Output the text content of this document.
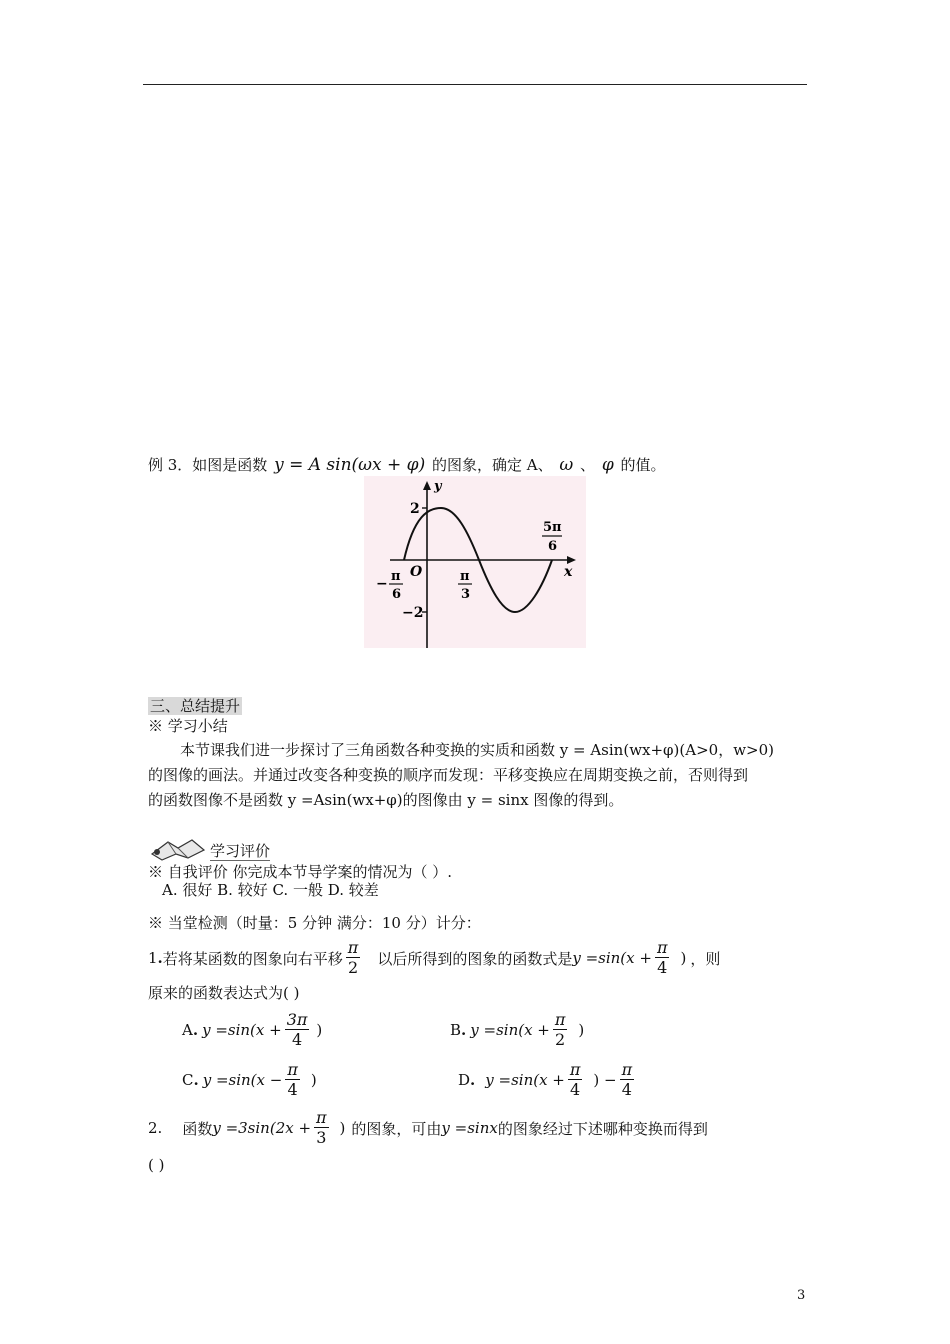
例 3．如图是函数 y = A sin(ωx + φ) 的图象，确定 A、 ω 、 φ 的值。
y
x
O
2
−2
− π
6
π
3
5π
6
三、总结提升
※ 学习小结
本节课我们进一步探讨了三角函数各种变换的实质和函数 y = Asin(wx+φ)(A>0，w>0)
的图像的画法。并通过改变各种变换的顺序而发现：平移变换应在周期变换之前，否则得到
的函数图像不是函数 y =Asin(wx+φ)的图像由 y = sinx 图像的得到。
学习评价
※ 自我评价 你完成本节导学案的情况为（ ）.
A. 很好 B. 较好 C. 一般 D. 较差
※ 当堂检测（时量：5 分钟 满分：10 分）计分：
1 . 若将某函数的图象向右平移 $\frac{\pi}{2}$ 以后所得到的图象的函数式是 $y =\sin(x + \frac{\pi}{4}$ ) ，则
原来的函数表达式为( )
A . $y =\sin(x + \frac{3\pi}{4}$ )	B . $y =\sin(x + \frac{\pi}{2}$ )
C . $y =\sin(x - \frac{\pi}{4}$ )	D . $y =\sin(x + \frac{\pi}{4}$ ) − $\frac{\pi}{4}$
2. 函数 $y =3\sin(2x + \frac{\pi}{3}$ ) 的图象，可由 y =sinx 的图象经过下述哪种变换而得到
( )
3
